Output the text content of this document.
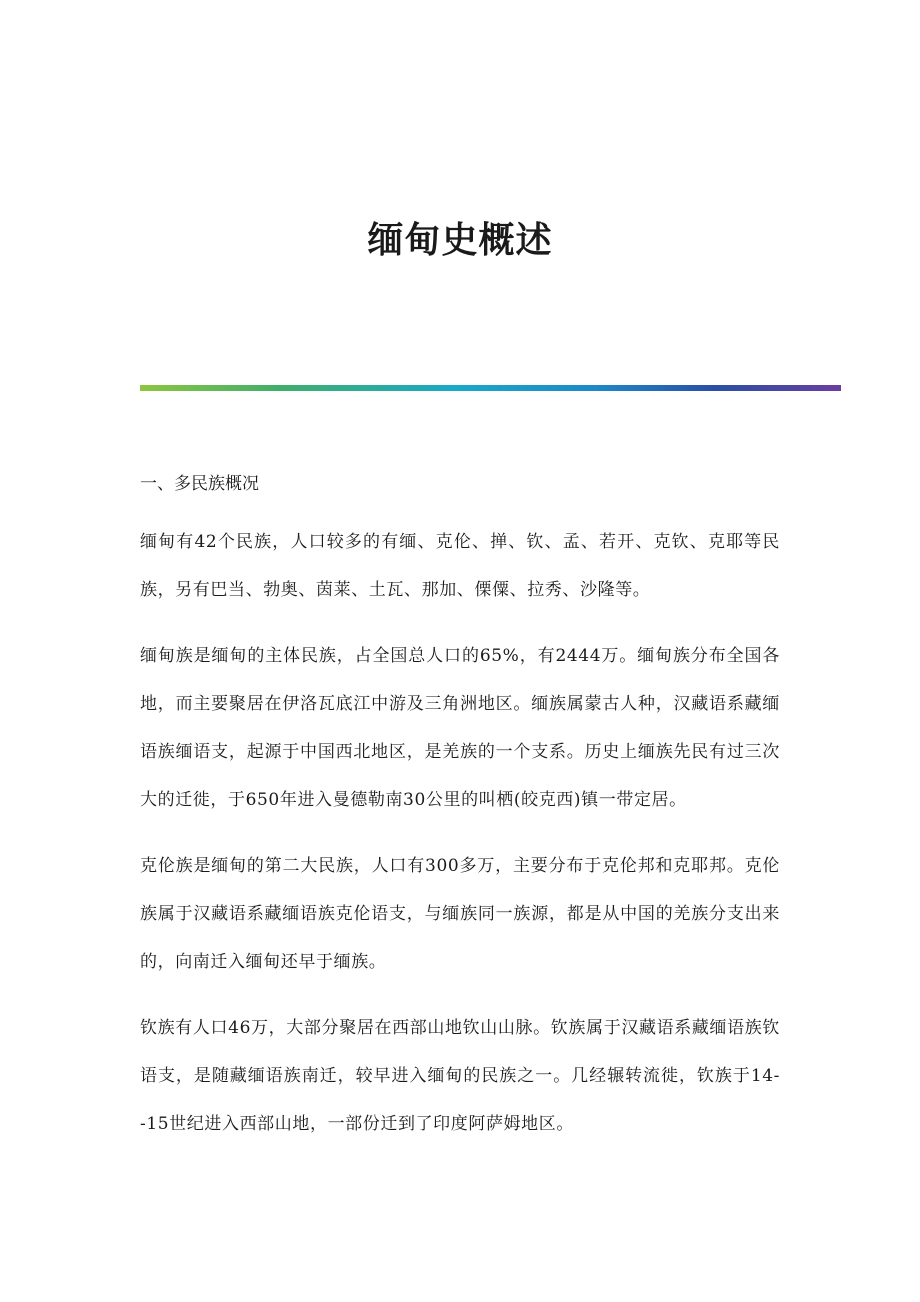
缅甸史概述

一、多民族概况

缅甸有42个民族，人口较多的有缅、克伦、掸、钦、孟、若开、克钦、克耶等民族，另有巴当、勃奥、茵莱、土瓦、那加、傈僳、拉秀、沙隆等。

缅甸族是缅甸的主体民族，占全国总人口的65%，有2444万。缅甸族分布全国各地，而主要聚居在伊洛瓦底江中游及三角洲地区。缅族属蒙古人种，汉藏语系藏缅语族缅语支，起源于中国西北地区，是羌族的一个支系。历史上缅族先民有过三次大的迁徙，于650年进入曼德勒南30公里的叫栖(皎克西)镇一带定居。

克伦族是缅甸的第二大民族，人口有300多万，主要分布于克伦邦和克耶邦。克伦族属于汉藏语系藏缅语族克伦语支，与缅族同一族源，都是从中国的羌族分支出来的，向南迁入缅甸还早于缅族。

钦族有人口46万，大部分聚居在西部山地钦山山脉。钦族属于汉藏语系藏缅语族钦语支，是随藏缅语族南迁，较早进入缅甸的民族之一。几经辗转流徙，钦族于14--15世纪进入西部山地，一部份迁到了印度阿萨姆地区。
